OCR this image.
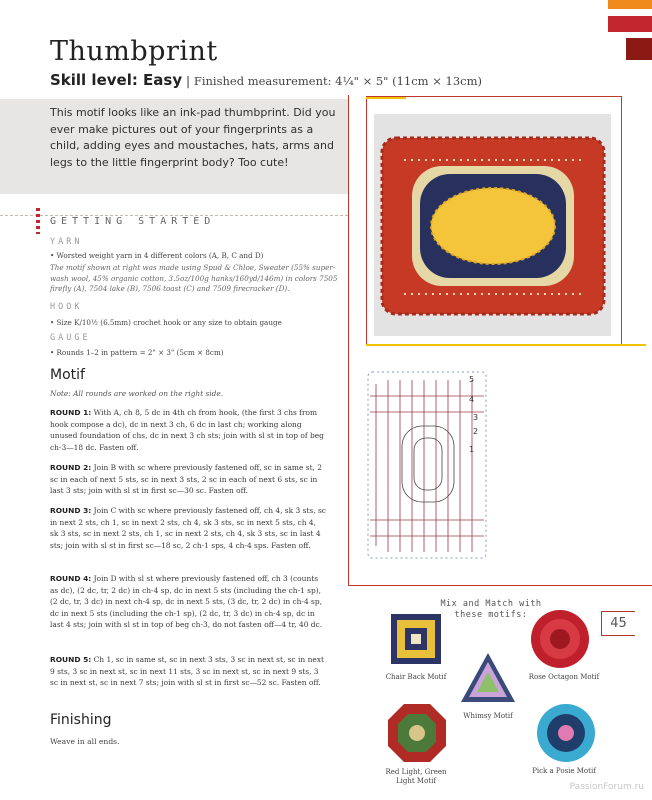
Thumbprint
Skill level: Easy | Finished measurement: 4¼" × 5" (11cm × 13cm)

This motif looks like an ink-pad thumbprint. Did you ever make pictures out of your fingerprints as a child, adding eyes and moustaches, hats, arms and legs to the little fingerprint body? Too cute!

GETTING STARTED
YARN
• Worsted weight yarn in 4 different colors (A, B, C and D)
The motif shown at right was made using Spud & Chloe, Sweater (55% super-wash wool, 45% organic cotton, 3.5oz/100g hanks/160yd/146m) in colors 7505 firefly (A), 7504 lake (B), 7506 toast (C) and 7509 firecracker (D).
HOOK
• Size K/10½ (6.5mm) crochet hook or any size to obtain gauge
GAUGE
• Rounds 1–2 in pattern = 2" × 3" (5cm × 8cm)
Motif
Note: All rounds are worked on the right side.

ROUND 1: With A, ch 8, 5 dc in 4th ch from hook, (the first 3 chs from hook compose a dc), dc in next 3 ch, 6 dc in last ch; working along unused foundation of chs, dc in next 3 ch sts; join with sl st in top of beg ch-3—18 dc. Fasten off.

ROUND 2: Join B with sc where previously fastened off, sc in same st, 2 sc in each of next 5 sts, sc in next 3 sts, 2 sc in each of next 6 sts, sc in last 3 sts; join with sl st in first sc—30 sc. Fasten off.

ROUND 3: Join C with sc where previously fastened off, ch 4, sk 3 sts, sc in next 2 sts, ch 1, sc in next 2 sts, ch 4, sk 3 sts, sc in next 5 sts, ch 4, sk 3 sts, sc in next 2 sts, ch 1, sc in next 2 sts, ch 4, sk 3 sts, sc in last 4 sts; join with sl st in first sc—18 sc, 2 ch-1 sps, 4 ch-4 sps. Fasten off.

ROUND 4: Join D with sl st where previously fastened off, ch 3 (counts as dc), (2 dc, tr, 2 dc) in ch-4 sp, dc in next 5 sts (including the ch-1 sp), (2 dc, tr, 3 dc) in next ch-4 sp, dc in next 5 sts, (3 dc, tr, 2 dc) in ch-4 sp, dc in next 5 sts (including the ch-1 sp), (2 dc, tr, 3 dc) in ch-4 sp, dc in last 4 sts; join with sl st in top of beg ch-3, do not fasten off—4 tr, 40 dc.

ROUND 5: Ch 1, sc in same st, sc in next 3 sts, 3 sc in next st, sc in next 9 sts, 3 sc in next st, sc in next 11 sts, 3 sc in next st, sc in next 9 sts, 3 sc in next st, sc in next 7 sts; join with sl st in first sc—52 sc. Fasten off.

Finishing
Weave in all ends.
5
4
3
2
1
Mix and Match with these motifs:
45
Chair Back Motif
Whimsy Motif
Rose Octagon Motif
Red Light, Green Light Motif
Pick a Posie Motif
PassionForum.ru
